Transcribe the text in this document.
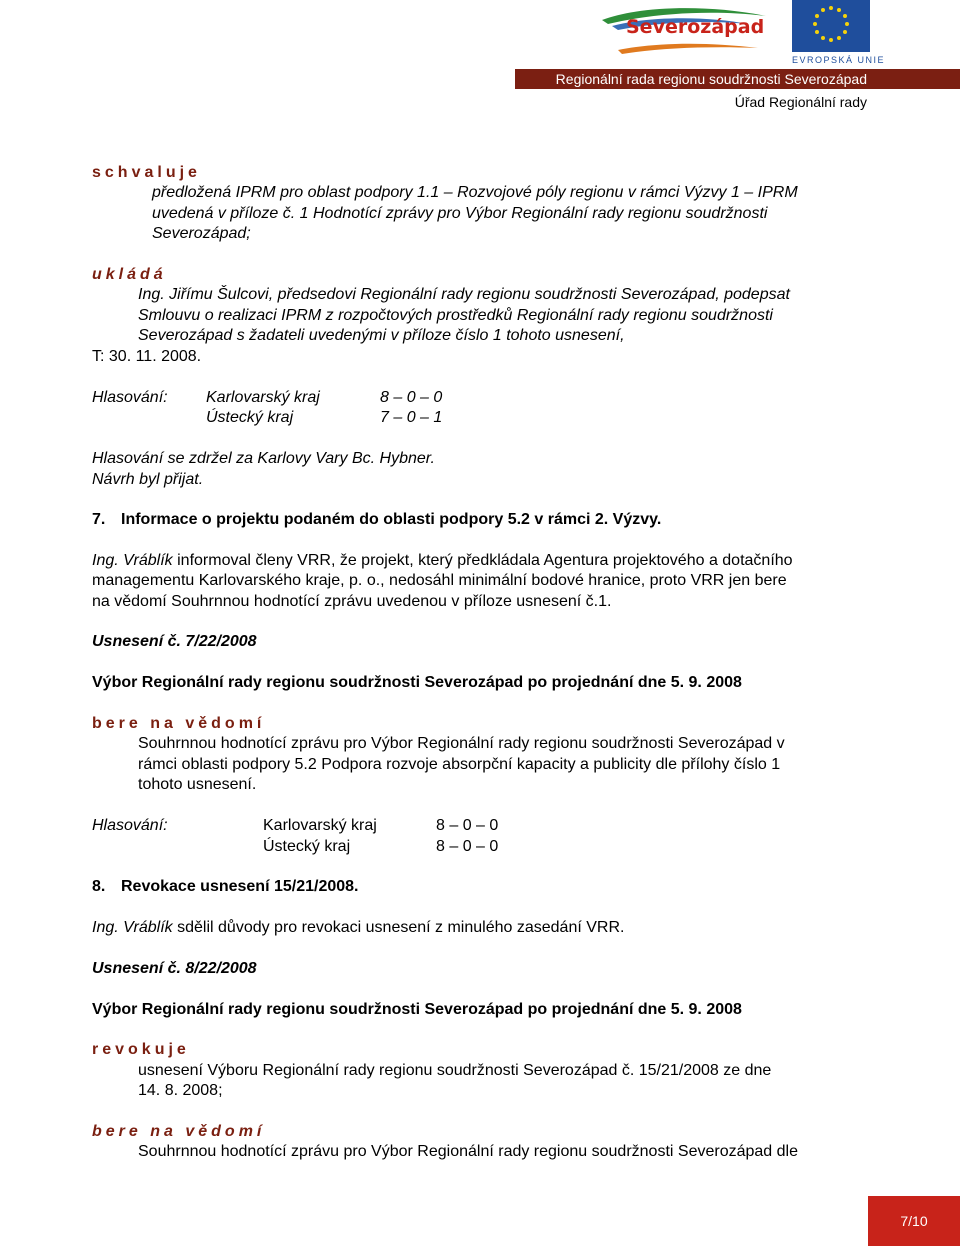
Severozápad
EVROPSKÁ UNIE
Regionální rada regionu soudržnosti Severozápad
Úřad Regionální rady
schvaluje
předložená IPRM pro oblast podpory 1.1 – Rozvojové póly regionu v rámci Výzvy 1 – IPRM
uvedená v příloze č. 1 Hodnotící zprávy pro Výbor Regionální rady regionu soudržnosti
Severozápad;
ukládá
Ing. Jiřímu Šulcovi, předsedovi Regionální rady regionu soudržnosti Severozápad, podepsat
Smlouvu o realizaci IPRM z rozpočtových prostředků Regionální rady regionu soudržnosti
Severozápad s žadateli uvedenými v příloze číslo 1 tohoto usnesení,
T: 30. 11. 2008.
Hlasování: Karlovarský kraj	8 – 0 – 0
Ústecký kraj	7 – 0 – 1
Hlasování se zdržel za Karlovy Vary Bc. Hybner.
Návrh byl přijat.
7. Informace o projektu podaném do oblasti podpory 5.2 v rámci 2. Výzvy.
Ing. Vráblík informoval členy VRR, že projekt, který předkládala Agentura projektového a dotačního
managementu Karlovarského kraje, p. o., nedosáhl minimální bodové hranice, proto VRR jen bere
na vědomí Souhrnnou hodnotící zprávu uvedenou v příloze usnesení č.1.
Usnesení č. 7/22/2008
Výbor Regionální rady regionu soudržnosti Severozápad po projednání dne 5. 9. 2008
bere na vědomí
Souhrnnou hodnotící zprávu pro Výbor Regionální rady regionu soudržnosti Severozápad v
rámci oblasti podpory 5.2 Podpora rozvoje absorpční kapacity a publicity dle přílohy číslo 1
tohoto usnesení.
Hlasování:	Karlovarský kraj	8 – 0 – 0
Ústecký kraj	8 – 0 – 0
8. Revokace usnesení 15/21/2008.
Ing. Vráblík sdělil důvody pro revokaci usnesení z minulého zasedání VRR.
Usnesení č. 8/22/2008
Výbor Regionální rady regionu soudržnosti Severozápad po projednání dne 5. 9. 2008
revokuje
usnesení Výboru Regionální rady regionu soudržnosti Severozápad č. 15/21/2008 ze dne
14. 8. 2008;
bere na vědomí
Souhrnnou hodnotící zprávu pro Výbor Regionální rady regionu soudržnosti Severozápad dle
7/10
